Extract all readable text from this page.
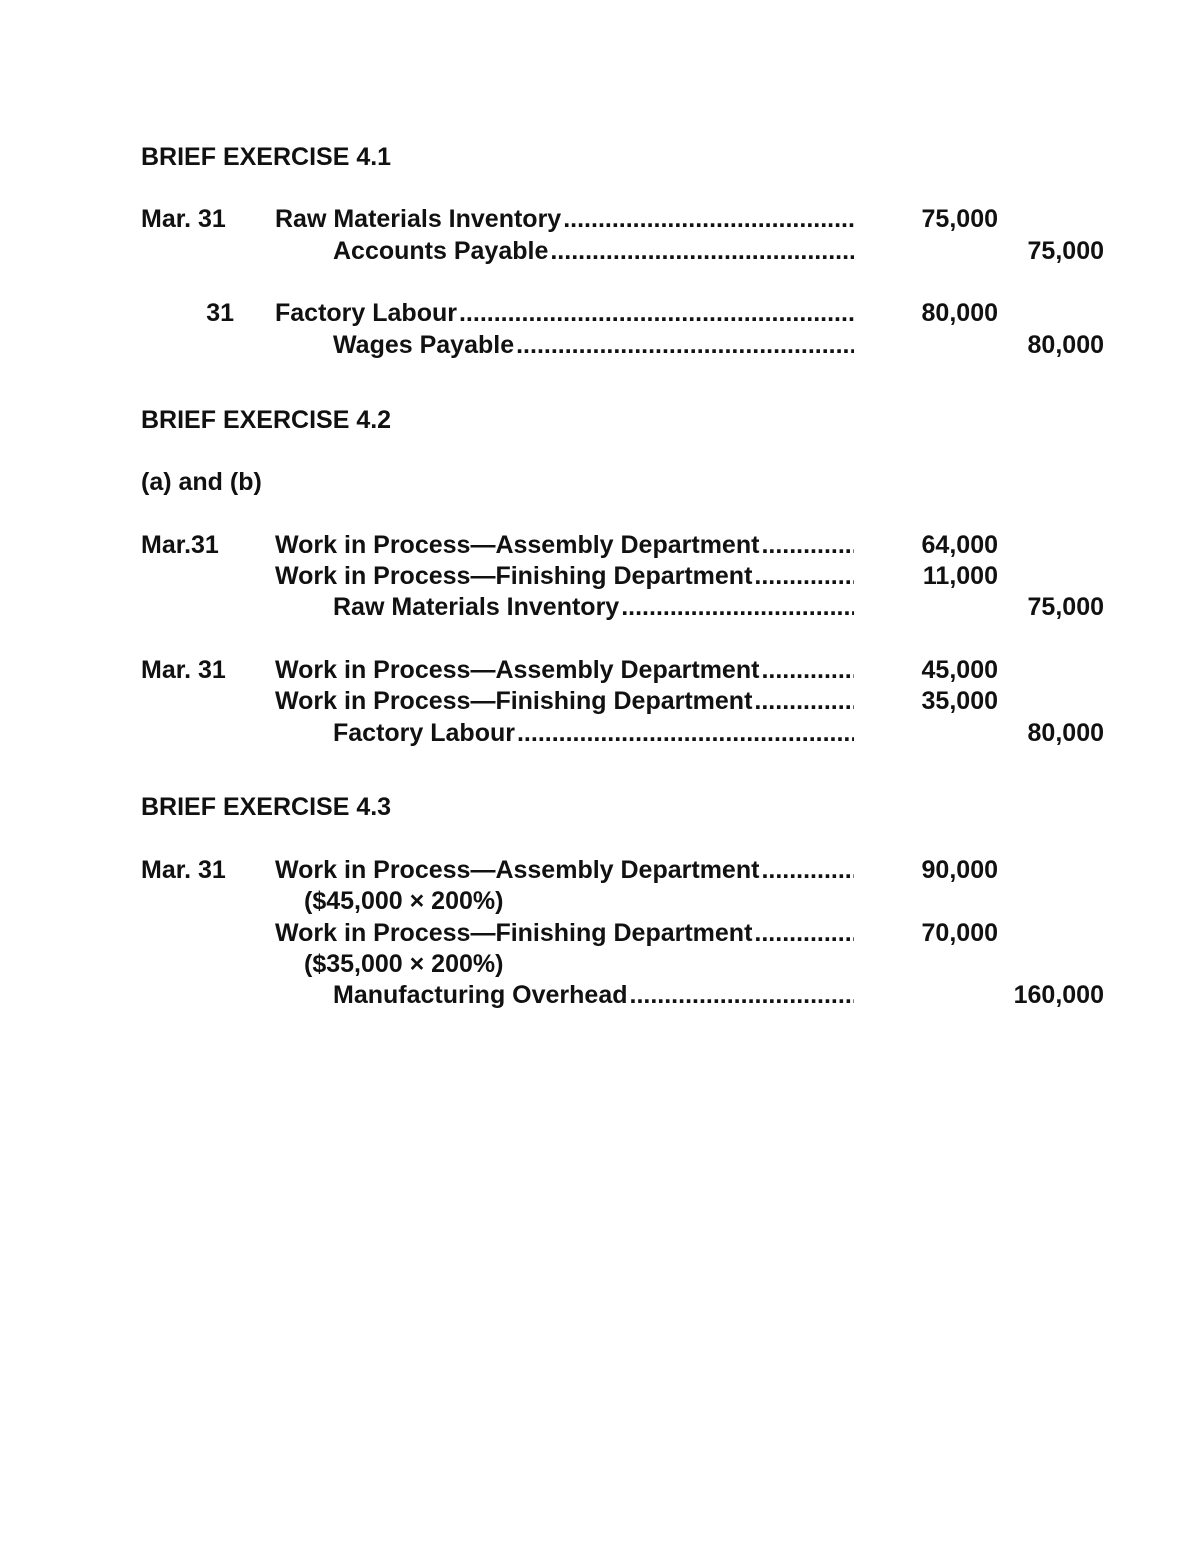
BRIEF EXERCISE 4.1
Mar. 31	Raw Materials Inventory .....	75,000
Accounts Payable .....	75,000
31 Factory Labour .....	80,000
Wages Payable .....	80,000
BRIEF EXERCISE 4.2
(a) and (b)
Mar.31	Work in Process—Assembly Department .....	64,000
Work in Process—Finishing Department .....	11,000
Raw Materials Inventory .....	75,000
Mar. 31	Work in Process—Assembly Department .....	45,000
Work in Process—Finishing Department .....	35,000
Factory Labour .....	80,000
BRIEF EXERCISE 4.3
Mar. 31	Work in Process—Assembly Department .....	90,000
($45,000 × 200%)
Work in Process—Finishing Department .....	70,000
($35,000 × 200%)
Manufacturing Overhead .....	160,000
